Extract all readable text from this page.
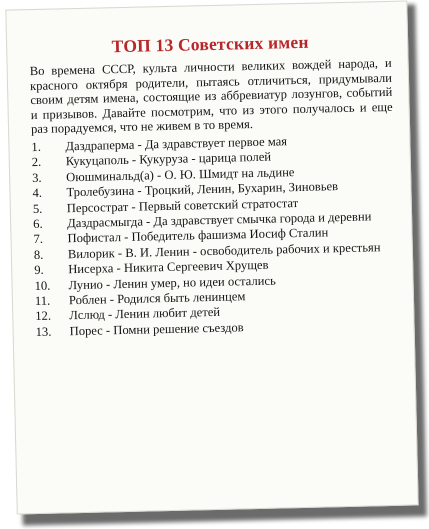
ТОП 13 Советских имен

Во времена СССР, культа личности великих вождей народа, и красного октября родители, пытаясь отличиться, придумывали своим детям имена, состоящие из аббревиатур лозунгов, событий и призывов. Давайте посмотрим, что из этого получалось и еще раз порадуемся, что не живем в то время.

1.	Даздраперма - Да здравствует первое мая
2.	Кукуцаполь - Кукуруза - царица полей
3.	Оюшминальд(а) - О. Ю. Шмидт на льдине
4.	Тролебузина - Троцкий, Ленин, Бухарин, Зиновьев
5.	Персострат - Первый советский стратостат
6.	Даздрасмыгда - Да здравствует смычка города и деревни
7.	Пофистал - Победитель фашизма Иосиф Сталин
8.	Вилорик - В. И. Ленин - освободитель рабочих и крестьян
9.	Нисерха - Никита Сергеевич Хрущев
10.	Лунио - Ленин умер, но идеи остались
11.	Роблен - Родился быть ленинцем
12.	Лслюд - Ленин любит детей
13.	Порес - Помни решение съездов
